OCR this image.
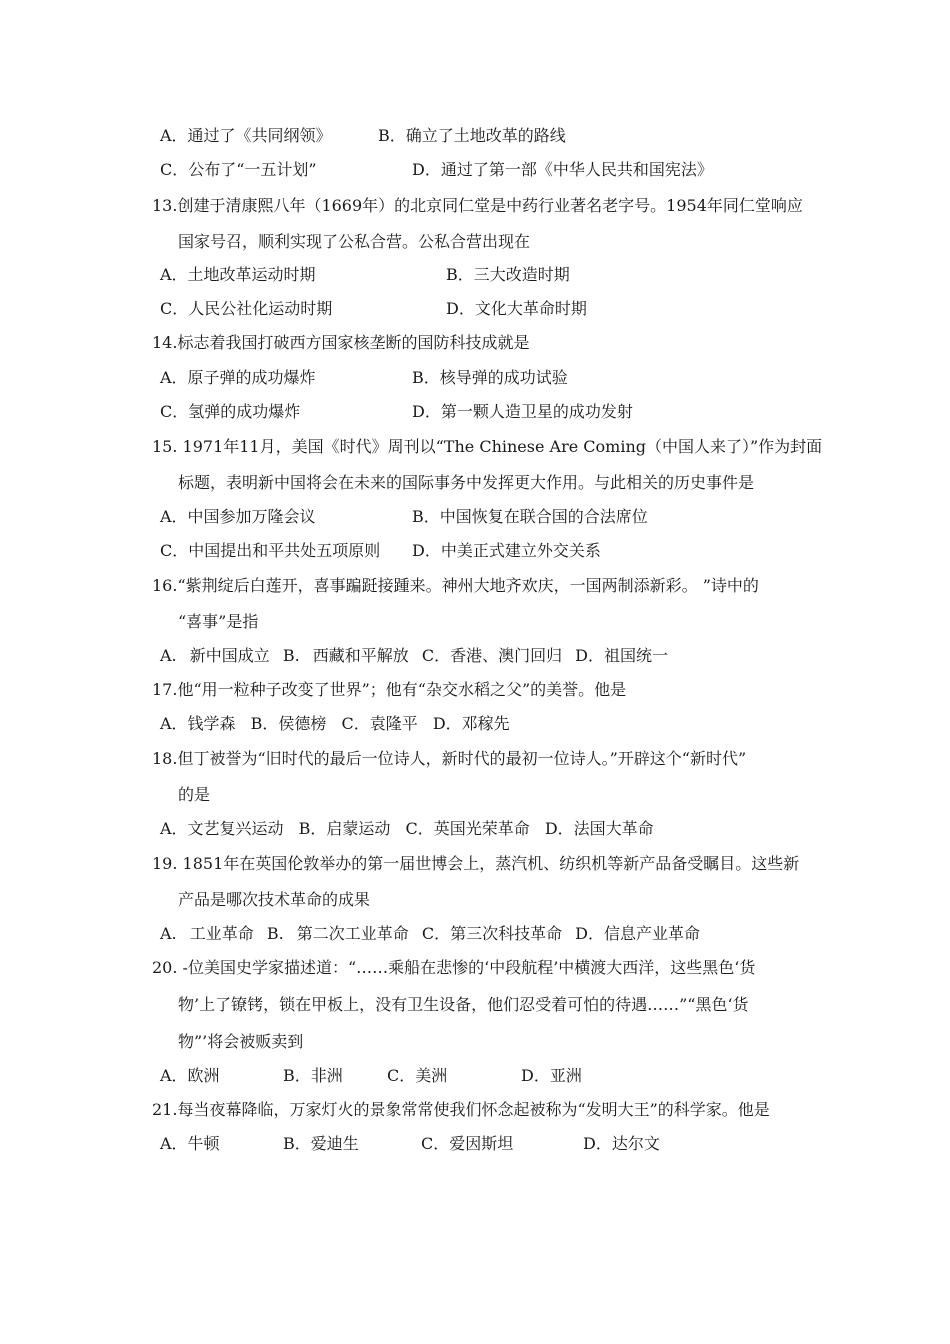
A．通过了《共同纲领》	B．确立了土地改革的路线
C．公布了“一五计划”	D．通过了第一部《中华人民共和国宪法》
13.创建于清康熙八年（1669年）的北京同仁堂是中药行业著名老字号。1954年同仁堂响应
国家号召，顺利实现了公私合营。公私合营出现在
A．土地改革运动时期	B．三大改造时期
C．人民公社化运动时期	D．文化大革命时期
14.标志着我国打破西方国家核垄断的国防科技成就是
A．原子弹的成功爆炸	B．核导弹的成功试验
C．氢弹的成功爆炸	D．第一颗人造卫星的成功发射
15. 1971年11月，美国《时代》周刊以“The Chinese Are Coming（中国人来了）”作为封面
标题，表明新中国将会在未来的国际事务中发挥更大作用。与此相关的历史事件是
A．中国参加万隆会议	B．中国恢复在联合国的合法席位
C．中国提出和平共处五项原则 D．中美正式建立外交关系
16.“紫荆绽后白莲开，喜事蹁跹接踵来。神州大地齐欢庆，一国两制添新彩。 ”诗中的
“喜事”是指
A. 新中国成立 B. 西藏和平解放 C．香港、澳门回归 D．祖国统一
17.他“用一粒种子改变了世界”；他有“杂交水稻之父”的美誉。他是
A．钱学森 B．侯德榜 C．袁隆平 D．邓稼先
18.但丁被誉为“旧时代的最后一位诗人，新时代的最初一位诗人。”开辟这个“新时代”
的是
A．文艺复兴运动 B．启蒙运动 C．英国光荣革命 D．法国大革命
19. 1851年在英国伦敦举办的第一届世博会上，蒸汽机、纺织机等新产品备受瞩目。这些新
产品是哪次技术革命的成果
A. 工业革命 B. 第二次工业革命 C．第三次科技革命 D．信息产业革命
20. -位美国史学家描述道：“……乘船在悲惨的‘中段航程’中横渡大西洋，这些黑色‘货
物’上了镣铐，锁在甲板上，没有卫生设备，他们忍受着可怕的待遇……”“黑色‘货
物”’将会被贩卖到
A．欧洲	B．非洲	C．美洲	D．亚洲
21.每当夜幕降临，万家灯火的景象常常使我们怀念起被称为“发明大王”的科学家。他是
A．牛顿	B．爱迪生	C．爱因斯坦	D．达尔文
